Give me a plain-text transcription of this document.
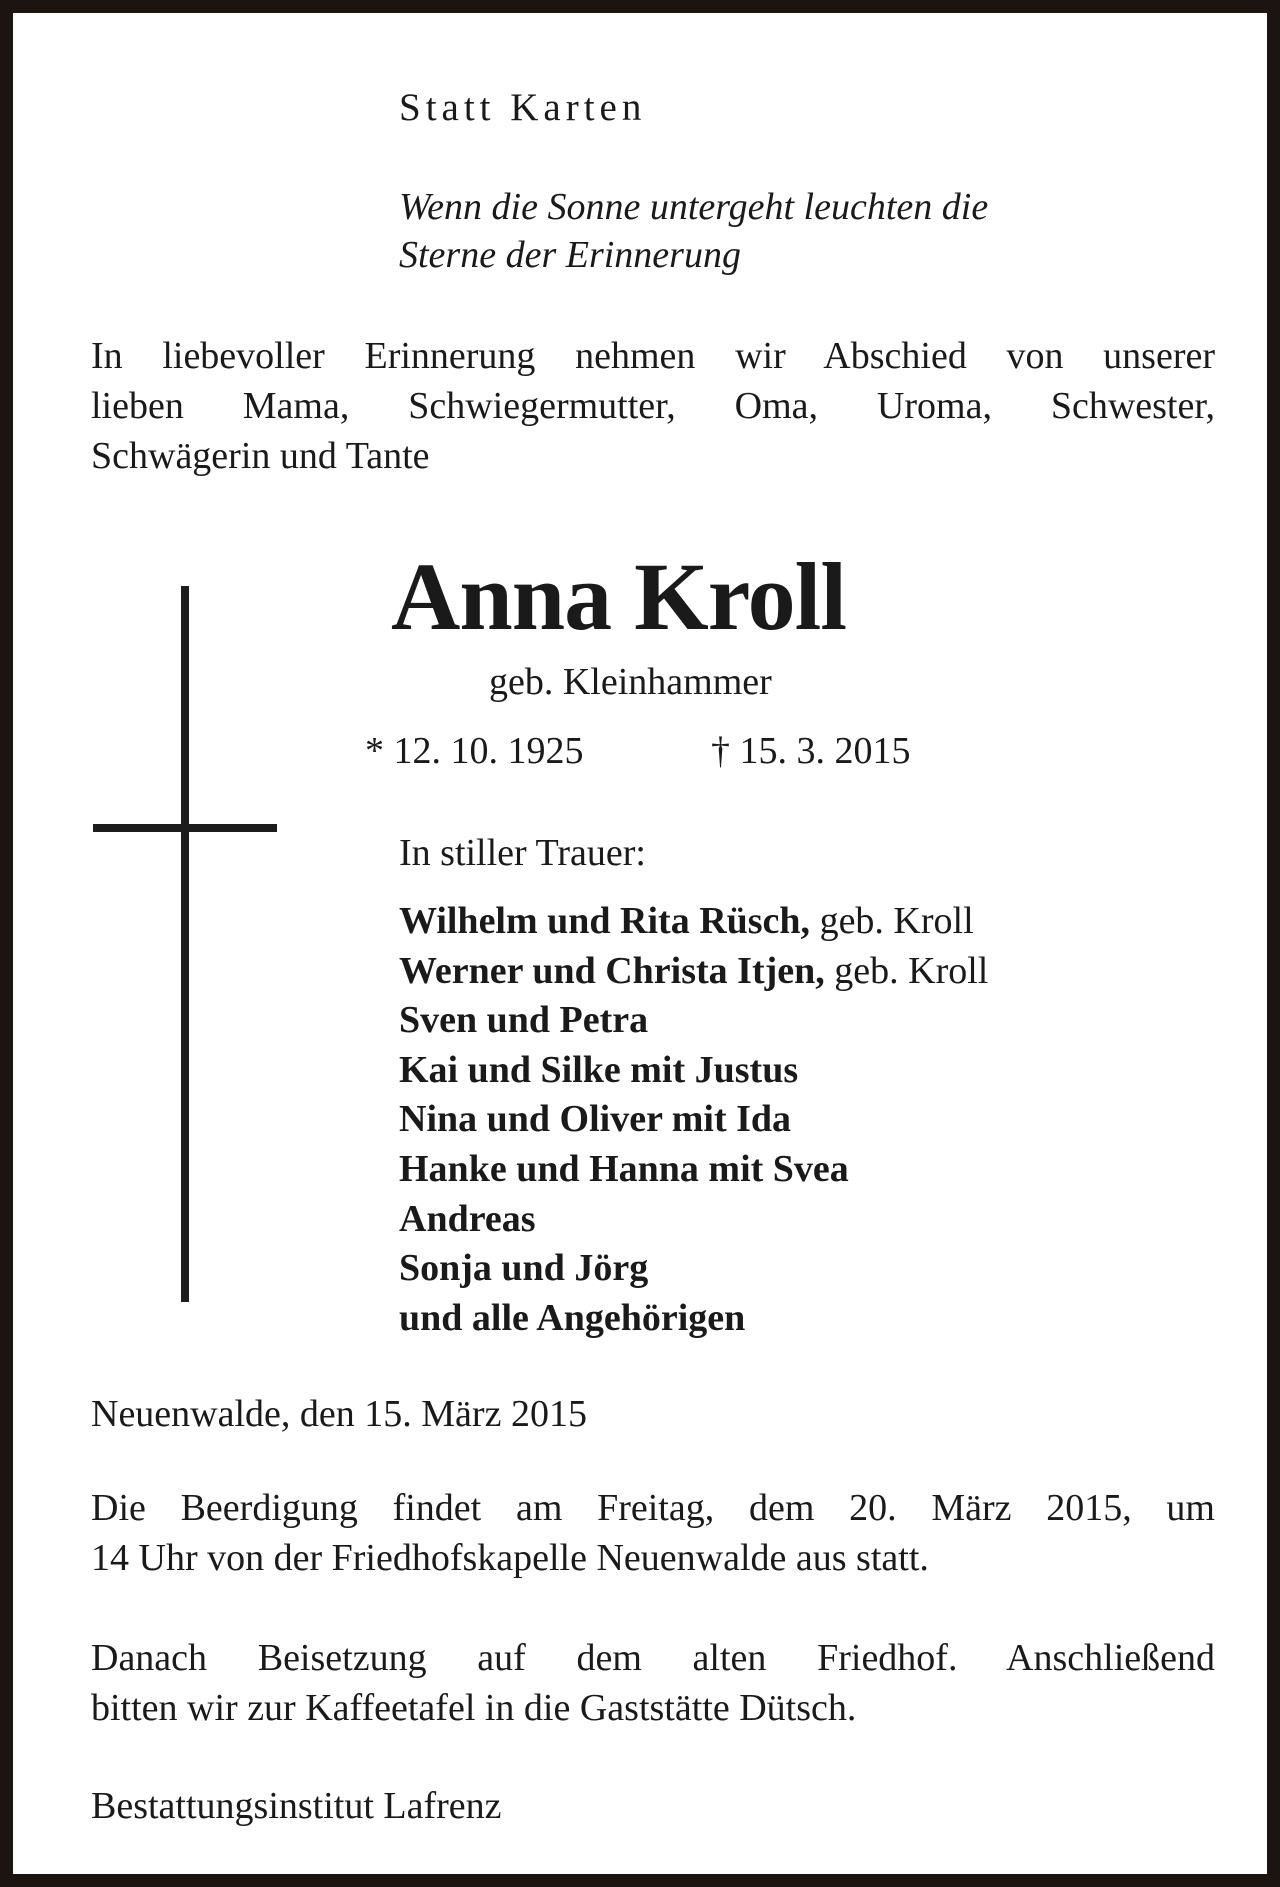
Statt Karten

Wenn die Sonne untergeht leuchten die
Sterne der Erinnerung

In liebevoller Erinnerung nehmen wir Abschied von unserer
lieben Mama, Schwiegermutter, Oma, Uroma, Schwester,
Schwägerin und Tante

Anna Kroll

geb. Kleinhammer

* 12. 10. 1925	† 15. 3. 2015

In stiller Trauer:

Wilhelm und Rita Rüsch, geb. Kroll
Werner und Christa Itjen, geb. Kroll
Sven und Petra
Kai und Silke mit Justus
Nina und Oliver mit Ida
Hanke und Hanna mit Svea
Andreas
Sonja und Jörg
und alle Angehörigen

Neuenwalde, den 15. März 2015

Die Beerdigung findet am Freitag, dem 20. März 2015, um
14 Uhr von der Friedhofskapelle Neuenwalde aus statt.

Danach Beisetzung auf dem alten Friedhof. Anschließend
bitten wir zur Kaffeetafel in die Gaststätte Dütsch.

Bestattungsinstitut Lafrenz
